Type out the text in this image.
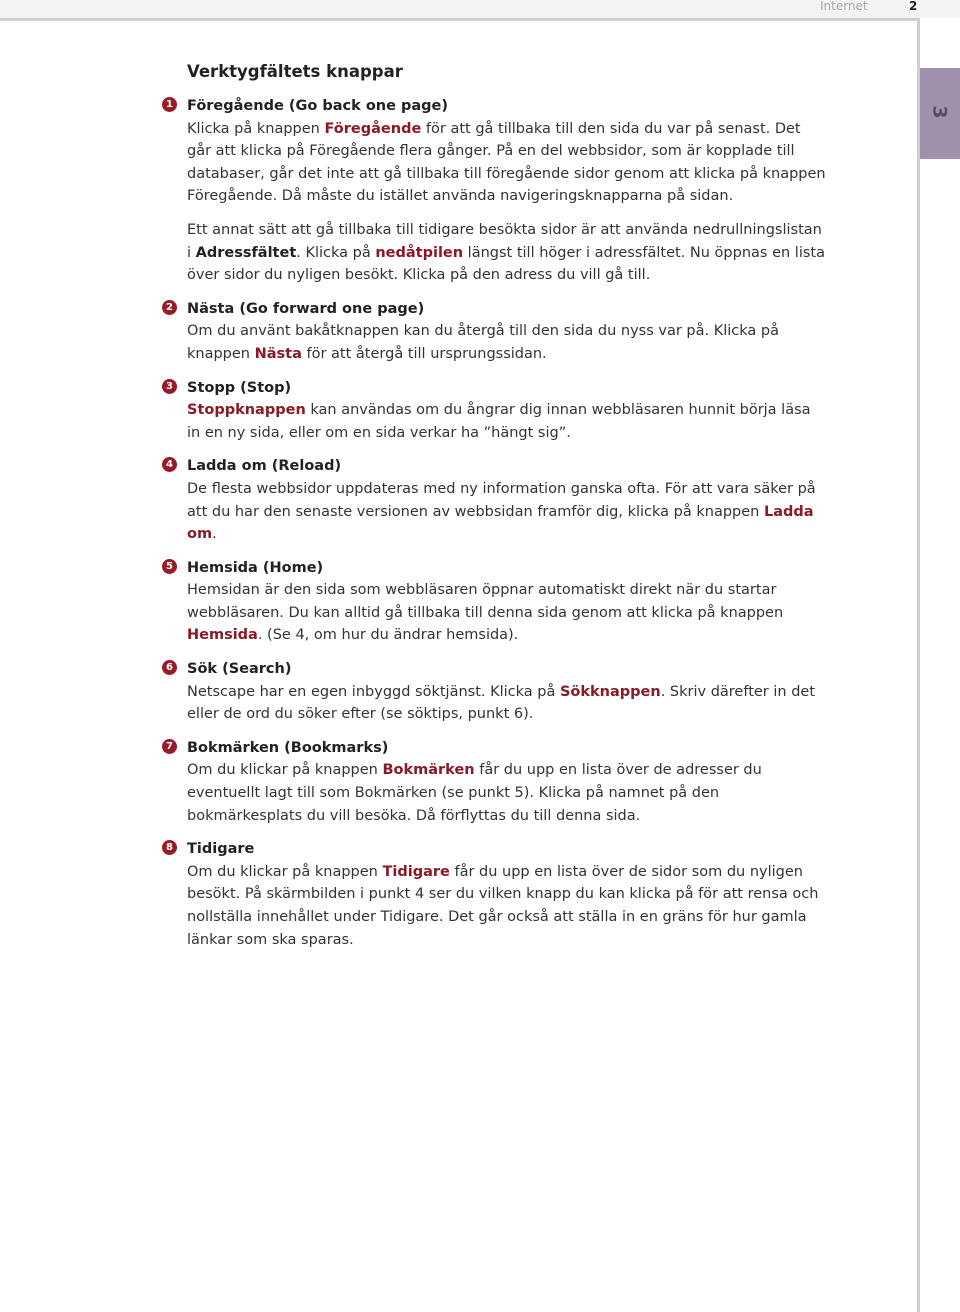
Internet	2
3
Verktygfältets knappar
1 Föregående (Go back one page)

Klicka på knappen Föregående för att gå tillbaka till den sida du var på senast. Det går att klicka på Föregående flera gånger. På en del webbsidor, som är kopplade till databaser, går det inte att gå tillbaka till föregående sidor genom att klicka på knappen Föregående. Då måste du istället använda navigeringsknapparna på sidan.

Ett annat sätt att gå tillbaka till tidigare besökta sidor är att använda nedrullningslistan i Adressfältet. Klicka på nedåtpilen längst till höger i adressfältet. Nu öppnas en lista över sidor du nyligen besökt. Klicka på den adress du vill gå till.

2 Nästa (Go forward one page)

Om du använt bakåtknappen kan du återgå till den sida du nyss var på. Klicka på knappen Nästa för att återgå till ursprungssidan.

3 Stopp (Stop)

Stoppknappen kan användas om du ångrar dig innan webbläsaren hunnit börja läsa in en ny sida, eller om en sida verkar ha ”hängt sig”.

4 Ladda om (Reload)

De flesta webbsidor uppdateras med ny information ganska ofta. För att vara säker på att du har den senaste versionen av webbsidan framför dig, klicka på knappen Ladda om.

5 Hemsida (Home)

Hemsidan är den sida som webbläsaren öppnar automatiskt direkt när du startar webbläsaren. Du kan alltid gå tillbaka till denna sida genom att klicka på knappen Hemsida. (Se 4, om hur du ändrar hemsida).

6 Sök (Search)

Netscape har en egen inbyggd söktjänst. Klicka på Sökknappen. Skriv därefter in det eller de ord du söker efter (se söktips, punkt 6).

7 Bokmärken (Bookmarks)

Om du klickar på knappen Bokmärken får du upp en lista över de adresser du eventuellt lagt till som Bokmärken (se punkt 5). Klicka på namnet på den bokmärkesplats du vill besöka. Då förflyttas du till denna sida.

8 Tidigare

Om du klickar på knappen Tidigare får du upp en lista över de sidor som du nyligen besökt. På skärmbilden i punkt 4 ser du vilken knapp du kan klicka på för att rensa och nollställa innehållet under Tidigare. Det går också att ställa in en gräns för hur gamla länkar som ska sparas.
